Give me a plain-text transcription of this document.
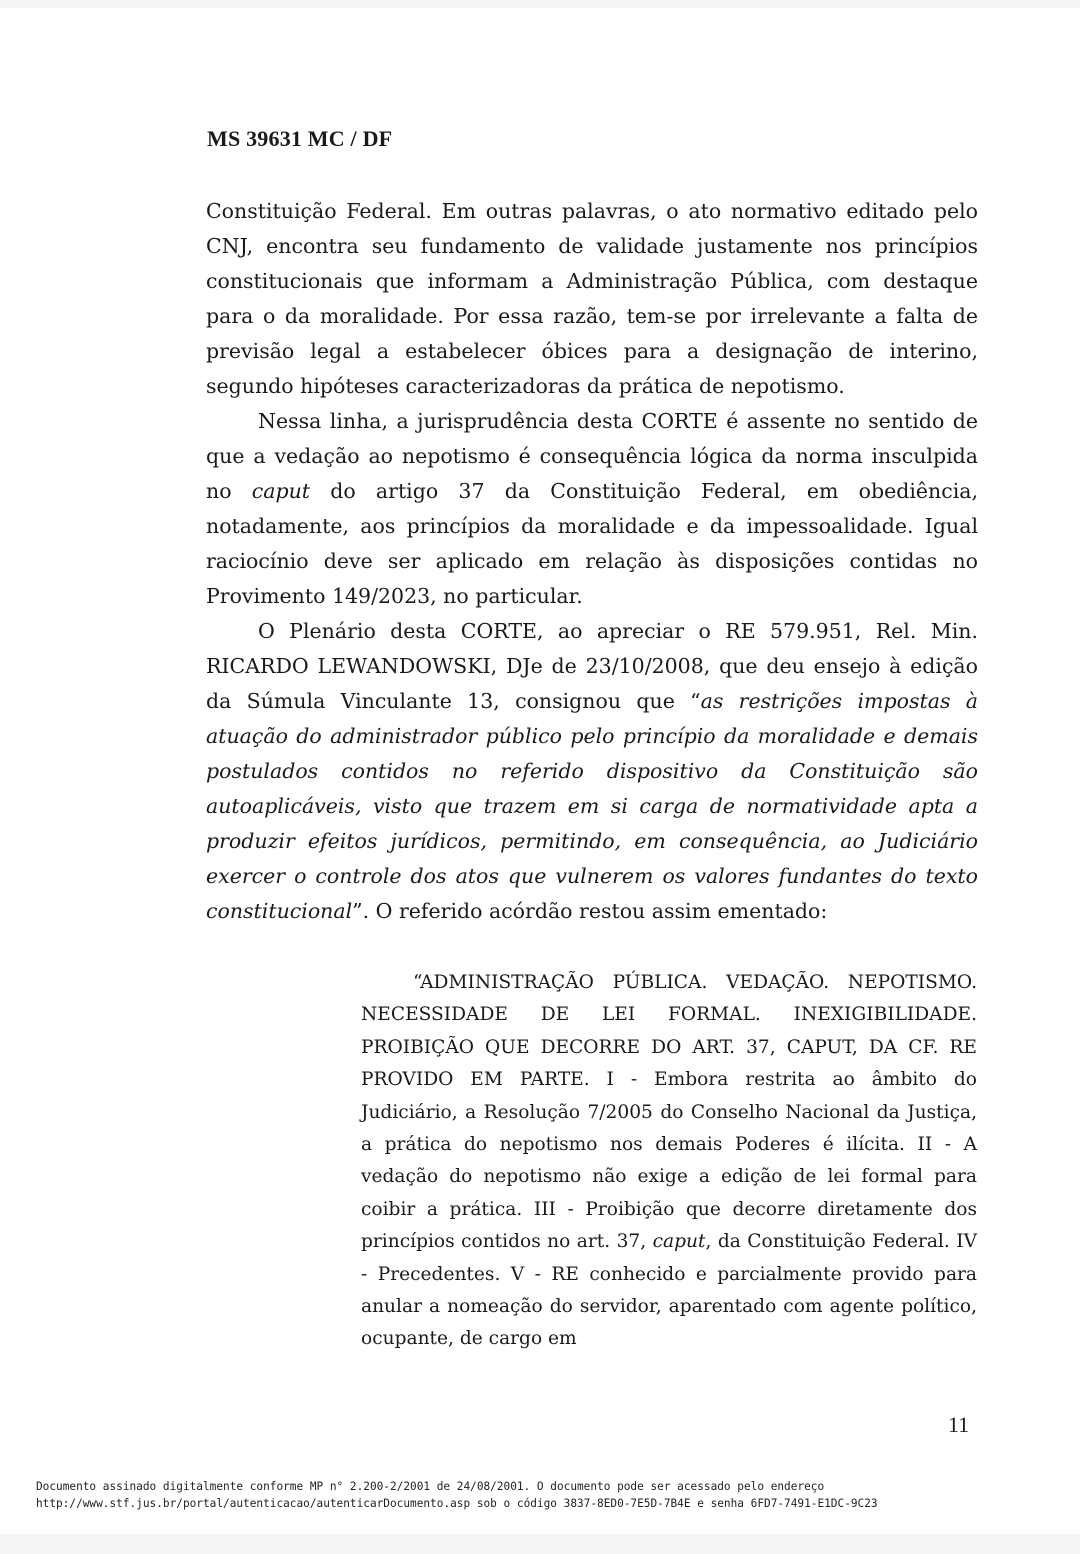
MS 39631 MC / DF

Constituição Federal. Em outras palavras, o ato normativo editado pelo CNJ, encontra seu fundamento de validade justamente nos princípios constitucionais que informam a Administração Pública, com destaque para o da moralidade. Por essa razão, tem-se por irrelevante a falta de previsão legal a estabelecer óbices para a designação de interino, segundo hipóteses caracterizadoras da prática de nepotismo.

Nessa linha, a jurisprudência desta CORTE é assente no sentido de que a vedação ao nepotismo é consequência lógica da norma insculpida no caput do artigo 37 da Constituição Federal, em obediência, notadamente, aos princípios da moralidade e da impessoalidade. Igual raciocínio deve ser aplicado em relação às disposições contidas no Provimento 149/2023, no particular.

O Plenário desta CORTE, ao apreciar o RE 579.951, Rel. Min. RICARDO LEWANDOWSKI, DJe de 23/10/2008, que deu ensejo à edição da Súmula Vinculante 13, consignou que “as restrições impostas à atuação do administrador público pelo princípio da moralidade e demais postulados contidos no referido dispositivo da Constituição são autoaplicáveis, visto que trazem em si carga de normatividade apta a produzir efeitos jurídicos, permitindo, em consequência, ao Judiciário exercer o controle dos atos que vulnerem os valores fundantes do texto constitucional”. O referido acórdão restou assim ementado:

“ADMINISTRAÇÃO PÚBLICA. VEDAÇÃO. NEPOTISMO. NECESSIDADE DE LEI FORMAL. INEXIGIBILIDADE. PROIBIÇÃO QUE DECORRE DO ART. 37, CAPUT, DA CF. RE PROVIDO EM PARTE. I - Embora restrita ao âmbito do Judiciário, a Resolução 7/2005 do Conselho Nacional da Justiça, a prática do nepotismo nos demais Poderes é ilícita. II - A vedação do nepotismo não exige a edição de lei formal para coibir a prática. III - Proibição que decorre diretamente dos princípios contidos no art. 37, caput, da Constituição Federal. IV - Precedentes. V - RE conhecido e parcialmente provido para anular a nomeação do servidor, aparentado com agente político, ocupante, de cargo em

11
Documento assinado digitalmente conforme MP n° 2.200-2/2001 de 24/08/2001. O documento pode ser acessado pelo endereço
http://www.stf.jus.br/portal/autenticacao/autenticarDocumento.asp sob o código 3837-8ED0-7E5D-7B4E e senha 6FD7-7491-E1DC-9C23
